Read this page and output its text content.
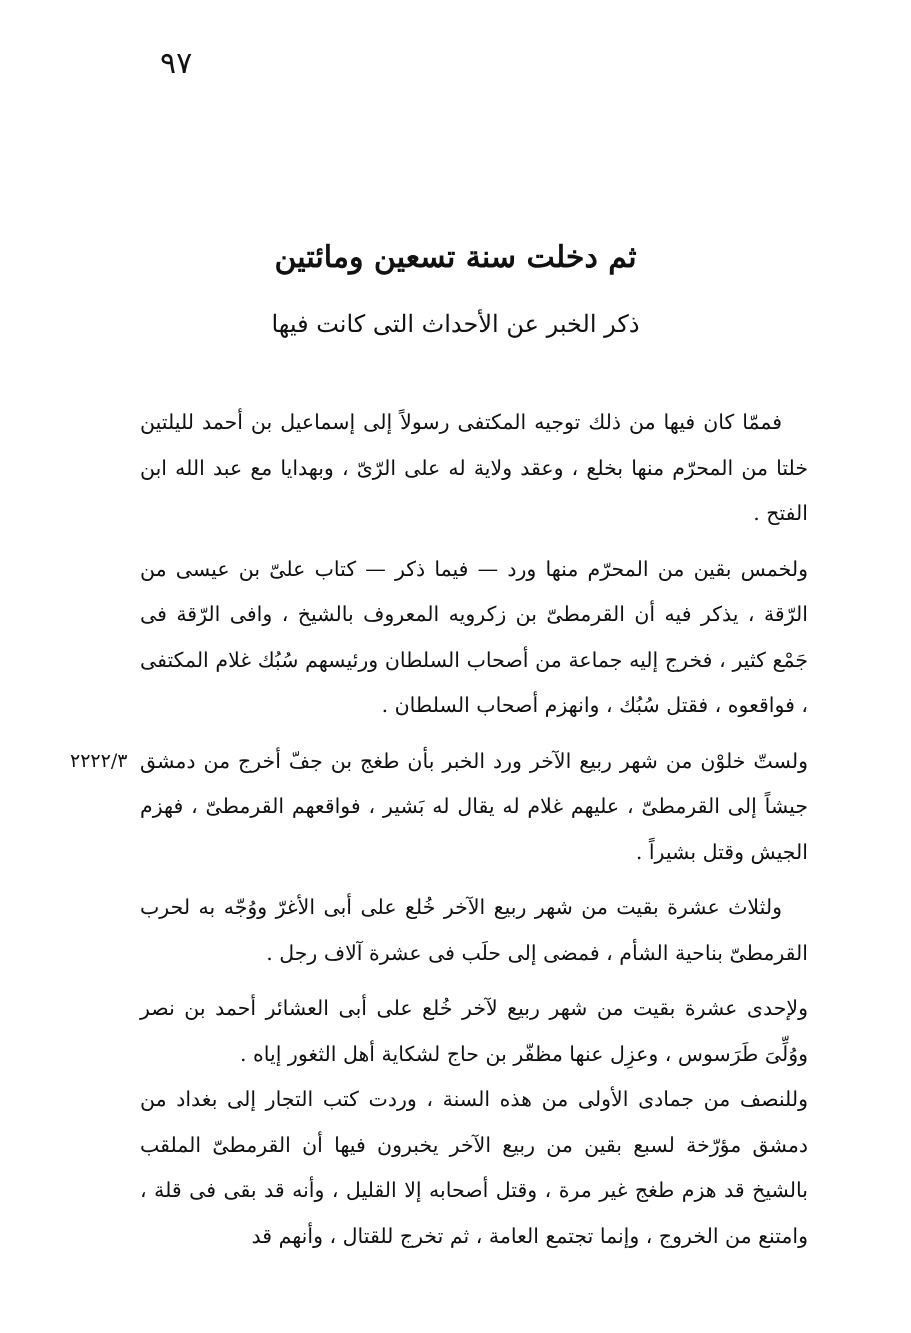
٩٧
ثم دخلت سنة تسعين ومائتين
ذكر الخبر عن الأحداث التى كانت فيها

فممّا كان فيها من ذلك توجيه المكتفى رسولاً إلى إسماعيل بن أحمد لليلتين خلتا من المحرّم منها بخلع ، وعقد ولاية له على الرّىّ ، وبهدايا مع عبد الله ابن الفتح .

ولخمس بقين من المحرّم منها ورد — فيما ذكر — كتاب علىّ بن عيسى من الرّقة ، يذكر فيه أن القرمطىّ بن زكرويه المعروف بالشيخ ، وافى الرّقة فى جَمْع كثير ، فخرج إليه جماعة من أصحاب السلطان ورئيسهم سُبُك غلام المكتفى ، فواقعوه ، فقتل سُبُك ، وانهزم أصحاب السلطان .

ولستّ خلوْن من شهر ربيع الآخر ورد الخبر بأن طغج بن جفّ أخرج من دمشق جيشاً إلى القرمطىّ ، عليهم غلام له يقال له بَشير ، فواقعهم القرمطىّ ، فهزم الجيش وقتل بشيراً .

٢٢٢٢/٣

ولثلاث عشرة بقيت من شهر ربيع الآخر خُلع على أبى الأغرّ ووُجّه به لحرب القرمطىّ بناحية الشأم ، فمضى إلى حلَب فى عشرة آلاف رجل .

ولإحدى عشرة بقيت من شهر ربيع لآخر خُلع على أبى العشائر أحمد بن نصر ووُلِّىَ طَرَسوس ، وعزِل عنها مظفّر بن حاج لشكاية أهل الثغور إياه .

وللنصف من جمادى الأولى من هذه السنة ، وردت كتب التجار إلى بغداد من دمشق مؤرّخة لسبع بقين من ربيع الآخر يخبرون فيها أن القرمطىّ الملقب بالشيخ قد هزم طغج غير مرة ، وقتل أصحابه إلا القليل ، وأنه قد بقى فى قلة ، وامتنع من الخروج ، وإنما تجتمع العامة ، ثم تخرج للقتال ، وأنهم قد
